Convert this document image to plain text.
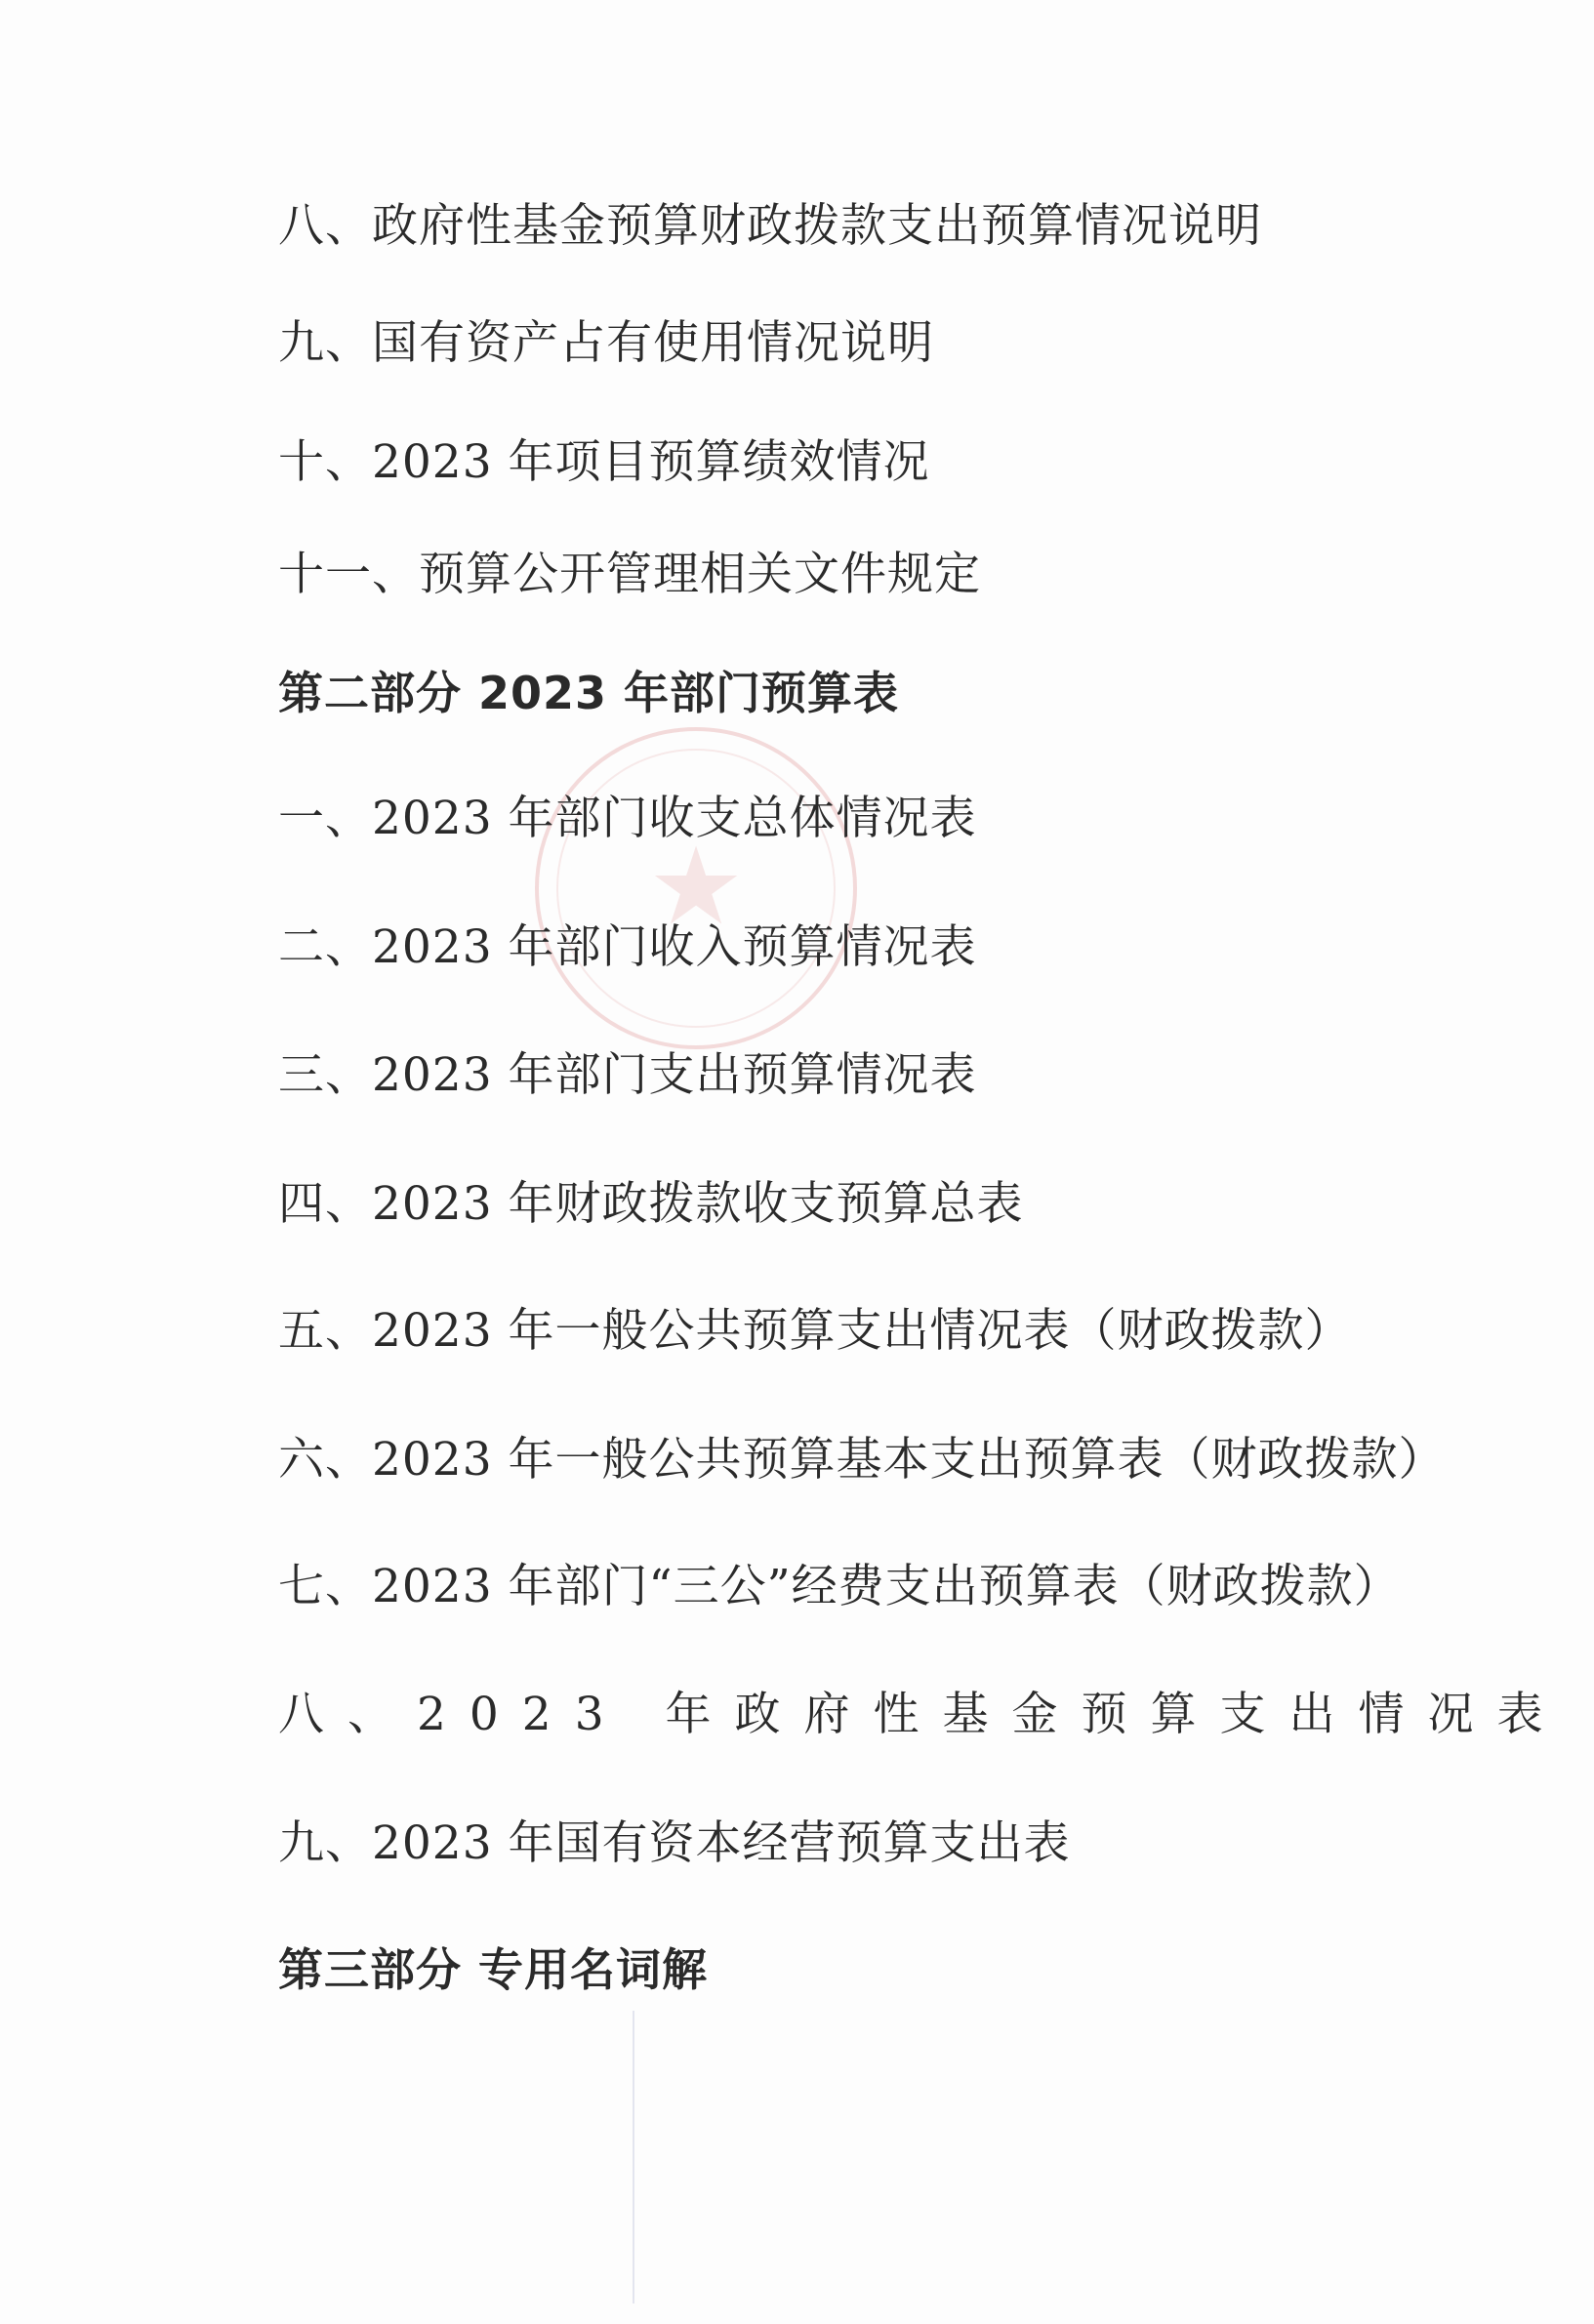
★
八、政府性基金预算财政拨款支出预算情况说明
九、国有资产占有使用情况说明
十、2023 年项目预算绩效情况
十一、预算公开管理相关文件规定
第二部分 2023 年部门预算表
一、2023 年部门收支总体情况表
二、2023 年部门收入预算情况表
三、2023 年部门支出预算情况表
四、2023 年财政拨款收支预算总表
五、2023 年一般公共预算支出情况表（财政拨款）
六、2023 年一般公共预算基本支出预算表（财政拨款）
七、2023 年部门“三公”经费支出预算表（财政拨款）
八、2023 年政府性基金预算支出情况表
九、2023 年国有资本经营预算支出表
第三部分 专用名词解
